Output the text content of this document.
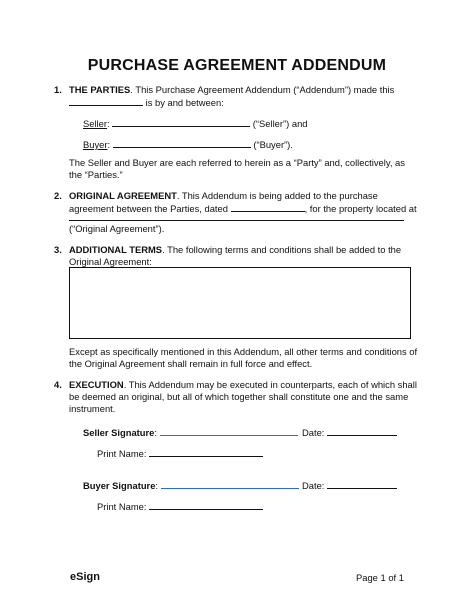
PURCHASE AGREEMENT ADDENDUM
1. THE PARTIES. This Purchase Agreement Addendum (“Addendum”) made this
is by and between:
Seller:	(“Seller”) and
Buyer:	(“Buyer”).
The Seller and Buyer are each referred to herein as a “Party” and, collectively, as
the “Parties.”
2. ORIGINAL AGREEMENT. This Addendum is being added to the purchase
agreement between the Parties, dated	, for the property located at
(“Original Agreement”).
3. ADDITIONAL TERMS. The following terms and conditions shall be added to the
Original Agreement:
Except as specifically mentioned in this Addendum, all other terms and conditions of
the Original Agreement shall remain in full force and effect.
4. EXECUTION. This Addendum may be executed in counterparts, each of which shall
be deemed an original, but all of which together shall constitute one and the same
instrument.
Seller Signature:	Date:
Print Name:
Buyer Signature:	Date:
Print Name:
eSign	Page 1 of 1
